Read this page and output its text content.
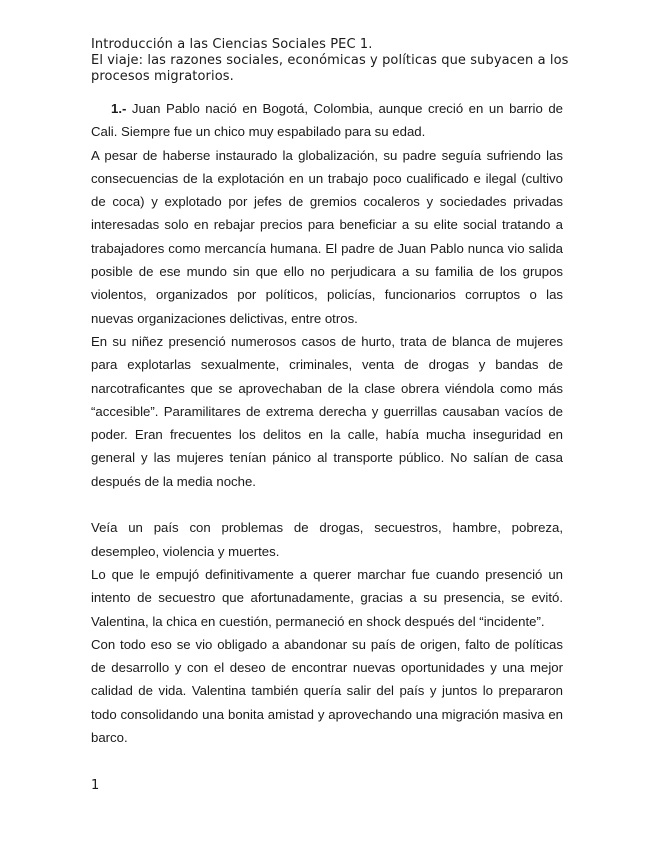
Introducción a las Ciencias Sociales PEC 1.
El viaje: las razones sociales, económicas y políticas que subyacen a los
procesos migratorios.

1.- Juan Pablo nació en Bogotá, Colombia, aunque creció en un barrio de Cali. Siempre fue un chico muy espabilado para su edad.

A pesar de haberse instaurado la globalización, su padre seguía sufriendo las consecuencias de la explotación en un trabajo poco cualificado e ilegal (cultivo de coca) y explotado por jefes de gremios cocaleros y sociedades privadas interesadas solo en rebajar precios para beneficiar a su elite social tratando a trabajadores como mercancía humana. El padre de Juan Pablo nunca vio salida posible de ese mundo sin que ello no perjudicara a su familia de los grupos violentos, organizados por políticos, policías, funcionarios corruptos o las nuevas organizaciones delictivas, entre otros.

En su niñez presenció numerosos casos de hurto, trata de blanca de mujeres para explotarlas sexualmente, criminales, venta de drogas y bandas de narcotraficantes que se aprovechaban de la clase obrera viéndola como más “accesible”. Paramilitares de extrema derecha y guerrillas causaban vacíos de poder. Eran frecuentes los delitos en la calle, había mucha inseguridad en general y las mujeres tenían pánico al transporte público. No salían de casa después de la media noche.

Veía un país con problemas de drogas, secuestros, hambre, pobreza, desempleo, violencia y muertes.

Lo que le empujó definitivamente a querer marchar fue cuando presenció un intento de secuestro que afortunadamente, gracias a su presencia, se evitó. Valentina, la chica en cuestión, permaneció en shock después del “incidente”.

Con todo eso se vio obligado a abandonar su país de origen, falto de políticas de desarrollo y con el deseo de encontrar nuevas oportunidades y una mejor calidad de vida. Valentina también quería salir del país y juntos lo prepararon todo consolidando una bonita amistad y aprovechando una migración masiva en barco.

1
